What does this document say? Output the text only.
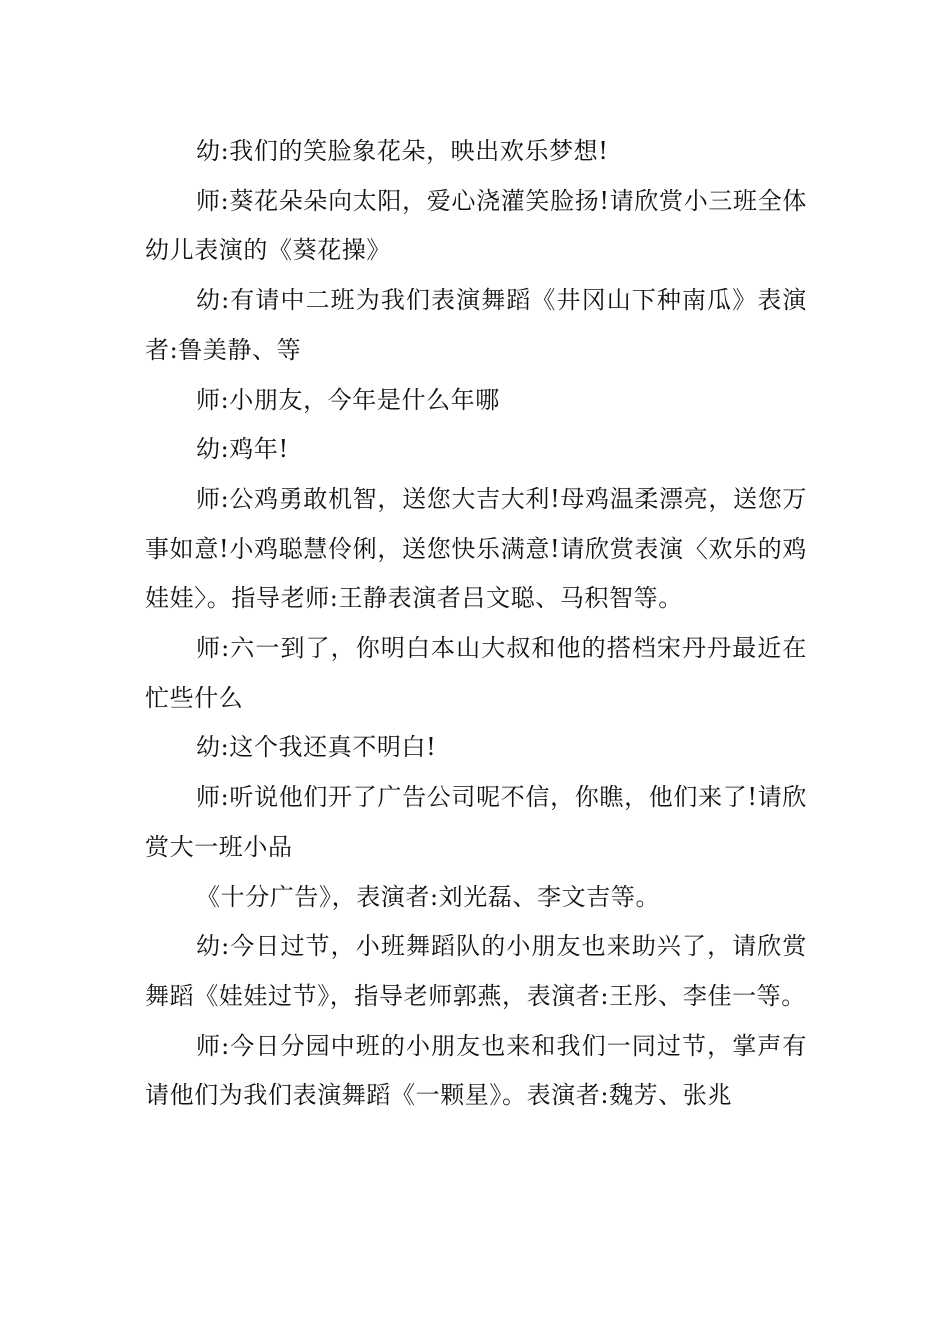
幼:我们的笑脸象花朵，映出欢乐梦想!

师:葵花朵朵向太阳，爱心浇灌笑脸扬!请欣赏小三班全体幼儿表演的《葵花操》

幼:有请中二班为我们表演舞蹈《井冈山下种南瓜》表演者:鲁美静、等

师:小朋友，今年是什么年哪

幼:鸡年!

师:公鸡勇敢机智，送您大吉大利!母鸡温柔漂亮，送您万事如意!小鸡聪慧伶俐，送您快乐满意!请欣赏表演〈欢乐的鸡娃娃〉。指导老师:王静表演者吕文聪、马积智等。

师:六一到了，你明白本山大叔和他的搭档宋丹丹最近在忙些什么

幼:这个我还真不明白!

师:听说他们开了广告公司呢不信，你瞧，他们来了!请欣赏大一班小品

《十分广告》，表演者:刘光磊、李文吉等。

幼:今日过节，小班舞蹈队的小朋友也来助兴了，请欣赏舞蹈《娃娃过节》，指导老师郭燕，表演者:王彤、李佳一等。

师:今日分园中班的小朋友也来和我们一同过节，掌声有请他们为我们表演舞蹈《一颗星》。表演者:魏芳、张兆
